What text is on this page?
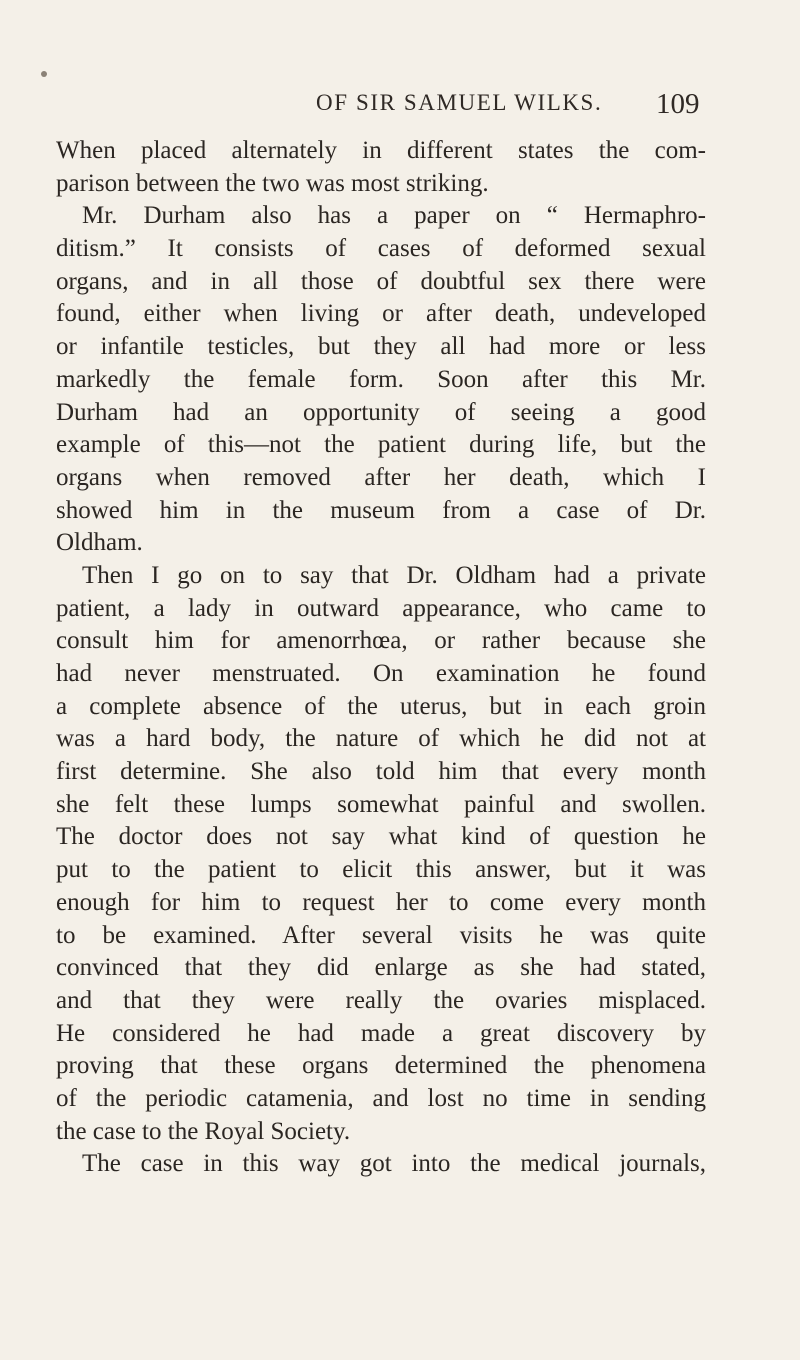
OF SIR SAMUEL WILKS. 109
When placed alternately in different states the com-
parison between the two was most striking.
Mr. Durham also has a paper on “ Hermaphro-
ditism.” It consists of cases of deformed sexual
organs, and in all those of doubtful sex there were
found, either when living or after death, undeveloped
or infantile testicles, but they all had more or less
markedly the female form. Soon after this Mr.
Durham had an opportunity of seeing a good
example of this—not the patient during life, but the
organs when removed after her death, which I
showed him in the museum from a case of Dr.
Oldham.
Then I go on to say that Dr. Oldham had a private
patient, a lady in outward appearance, who came to
consult him for amenorrhœa, or rather because she
had never menstruated. On examination he found
a complete absence of the uterus, but in each groin
was a hard body, the nature of which he did not at
first determine. She also told him that every month
she felt these lumps somewhat painful and swollen.
The doctor does not say what kind of question he
put to the patient to elicit this answer, but it was
enough for him to request her to come every month
to be examined. After several visits he was quite
convinced that they did enlarge as she had stated,
and that they were really the ovaries misplaced.
He considered he had made a great discovery by
proving that these organs determined the phenomena
of the periodic catamenia, and lost no time in sending
the case to the Royal Society.
The case in this way got into the medical journals,
